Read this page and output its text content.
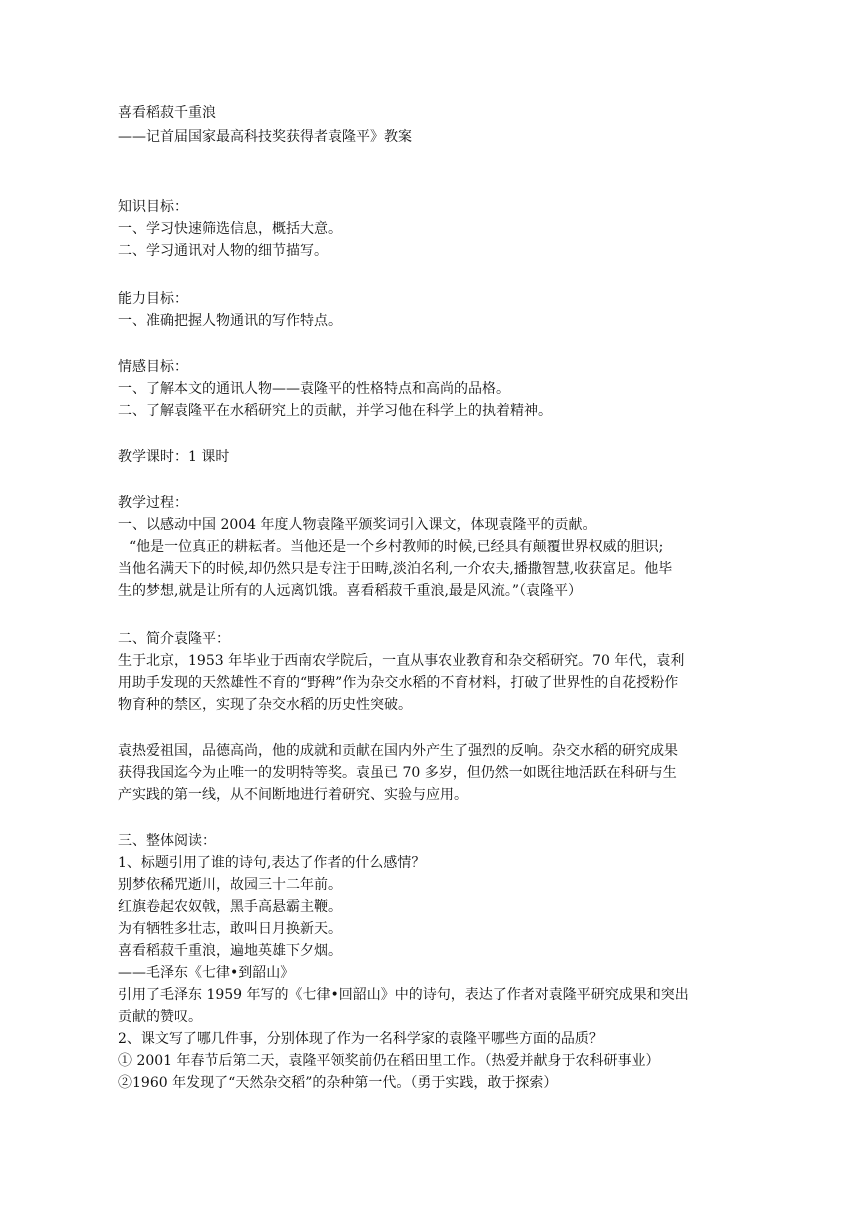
喜看稻菽千重浪
——记首届国家最高科技奖获得者袁隆平》教案
知识目标：
一、学习快速筛选信息，概括大意。
二、学习通讯对人物的细节描写。
能力目标：
一、准确把握人物通讯的写作特点。
情感目标：
一、了解本文的通讯人物——袁隆平的性格特点和高尚的品格。
二、了解袁隆平在水稻研究上的贡献，并学习他在科学上的执着精神。
教学课时：1 课时
教学过程：
一、以感动中国 2004 年度人物袁隆平颁奖词引入课文，体现袁隆平的贡献。
“他是一位真正的耕耘者。当他还是一个乡村教师的时候,已经具有颠覆世界权威的胆识;
当他名满天下的时候,却仍然只是专注于田畴,淡泊名利,一介农夫,播撒智慧,收获富足。他毕
生的梦想,就是让所有的人远离饥饿。喜看稻菽千重浪,最是风流。”（袁隆平）
二、简介袁隆平：
生于北京，1953 年毕业于西南农学院后，一直从事农业教育和杂交稻研究。70 年代，袁利
用助手发现的天然雄性不育的“野稗”作为杂交水稻的不育材料，打破了世界性的自花授粉作
物育种的禁区，实现了杂交水稻的历史性突破。
袁热爱祖国，品德高尚，他的成就和贡献在国内外产生了强烈的反响。杂交水稻的研究成果
获得我国迄今为止唯一的发明特等奖。袁虽已 70 多岁，但仍然一如既往地活跃在科研与生
产实践的第一线，从不间断地进行着研究、实验与应用。
三、整体阅读：
1、标题引用了谁的诗句,表达了作者的什么感情？
别梦依稀咒逝川，故园三十二年前。
红旗卷起农奴戟，黑手高悬霸主鞭。
为有牺牲多壮志，敢叫日月换新天。
喜看稻菽千重浪，遍地英雄下夕烟。
——毛泽东《七律•到韶山》
引用了毛泽东 1959 年写的《七律•回韶山》中的诗句，表达了作者对袁隆平研究成果和突出
贡献的赞叹。
2、课文写了哪几件事，分别体现了作为一名科学家的袁隆平哪些方面的品质？
① 2001 年春节后第二天，袁隆平领奖前仍在稻田里工作。（热爱并献身于农科研事业）
②1960 年发现了“天然杂交稻”的杂种第一代。（勇于实践，敢于探索）
